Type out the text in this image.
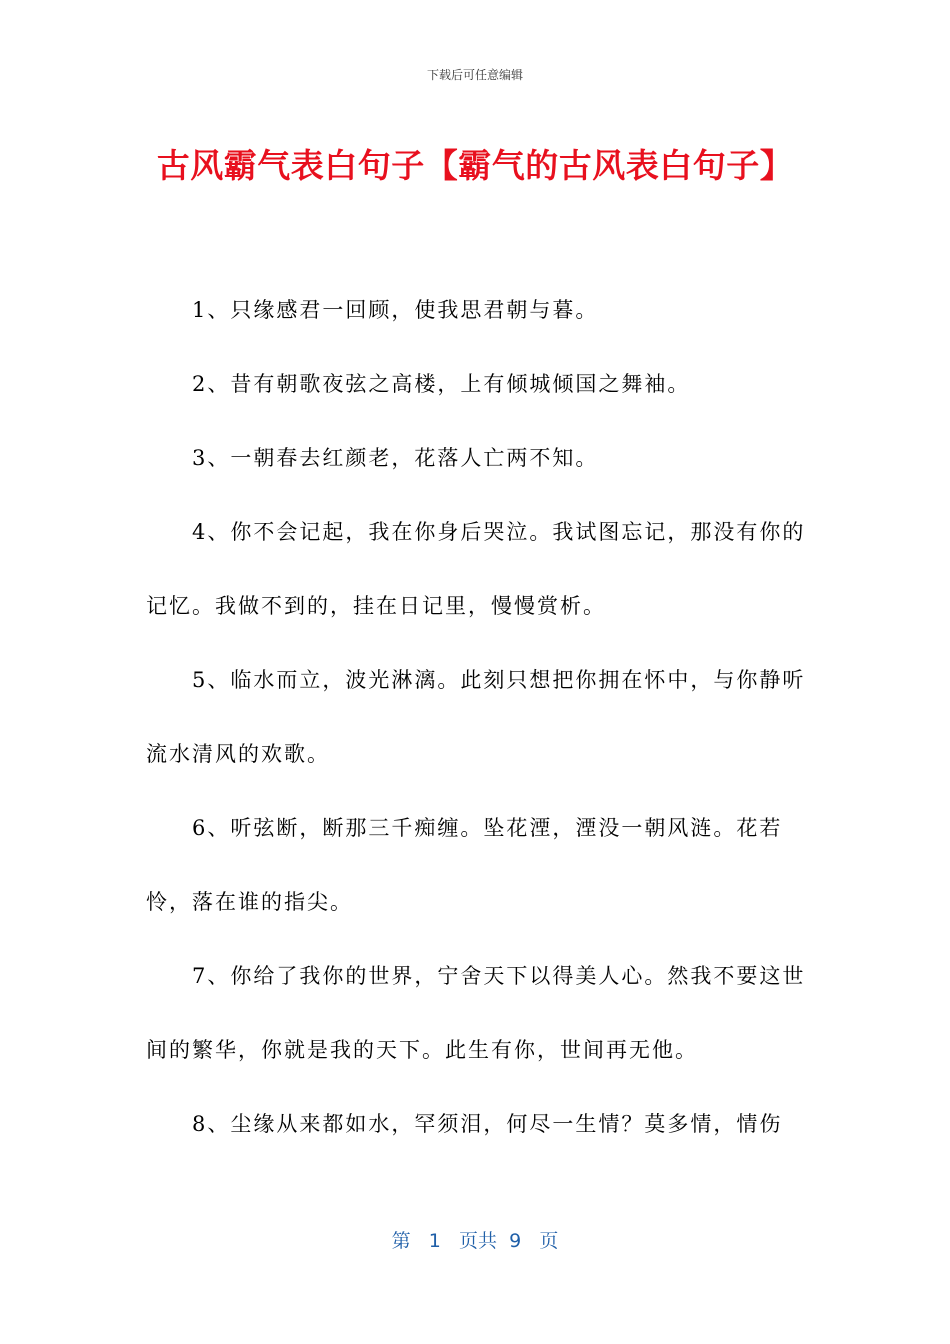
下载后可任意编辑
古风霸气表白句子【霸气的古风表白句子】

1、只缘感君一回顾，使我思君朝与暮。

2、昔有朝歌夜弦之高楼，上有倾城倾国之舞袖。

3、一朝春去红颜老，花落人亡两不知。

4、你不会记起，我在你身后哭泣。我试图忘记，那没有你的记忆。我做不到的，挂在日记里，慢慢赏析。

5、临水而立，波光淋漓。此刻只想把你拥在怀中，与你静听流水清风的欢歌。

6、听弦断，断那三千痴缠。坠花湮，湮没一朝风涟。花若怜，落在谁的指尖。

7、你给了我你的世界，宁舍天下以得美人心。然我不要这世间的繁华，你就是我的天下。此生有你，世间再无他。

8、尘缘从来都如水，罕须泪，何尽一生情？莫多情，情伤

第 1 页共 9 页
